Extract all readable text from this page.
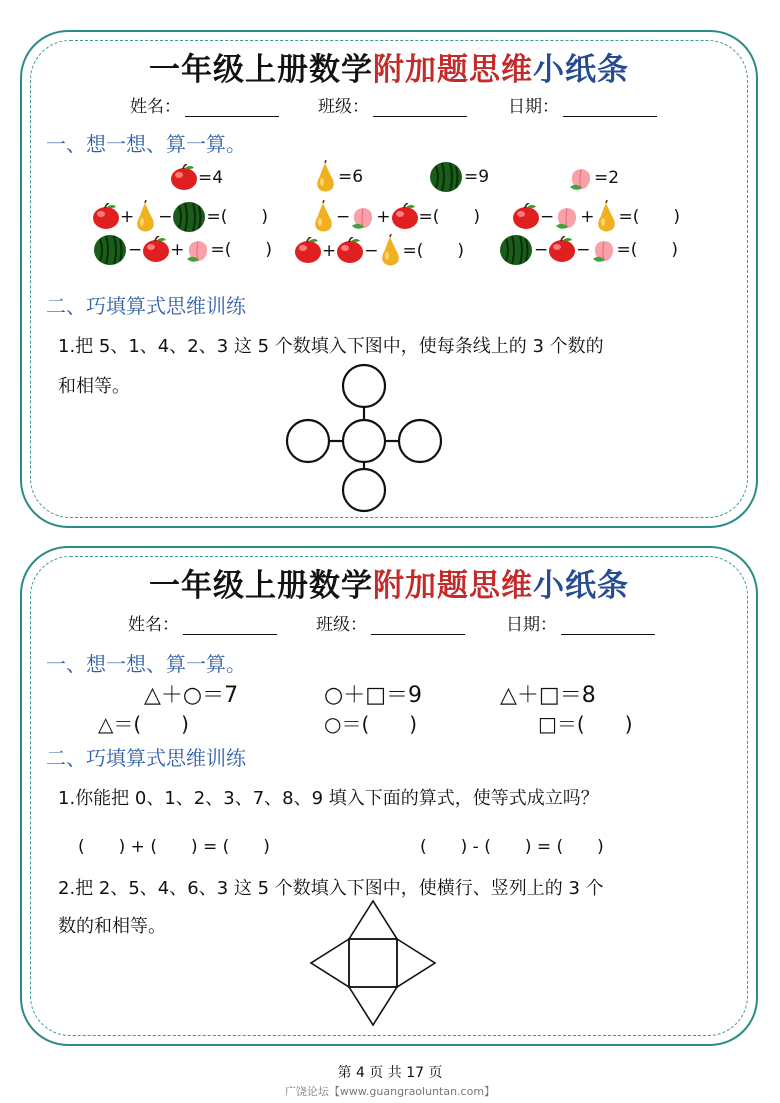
一年级上册数学附加题思维小纸条
姓名：	班级：	日期：
一、想一想、算一算。
=4	=6	=9	=2
+ − =(　　)	− + =(　　)	− + =(　　)
− + =(　　)	+ − =(　　)	− − =(　　)
二、巧填算式思维训练
1.把 5、1、4、2、3 这 5 个数填入下图中，使每条线上的 3 个数的
和相等。
一年级上册数学附加题思维小纸条
姓名：	班级：	日期：
一、想一想、算一算。
△＋○＝7	○＋□＝9	△＋□＝8
△＝(　　)	○＝(　　)	□＝(　　)
二、巧填算式思维训练
1.你能把 0、1、2、3、7、8、9 填入下面的算式，使等式成立吗？
(　　) + (　　) = (　　)	(　　) - (　　) = (　　)
2.把 2、5、4、6、3 这 5 个数填入下图中，使横行、竖列上的 3 个
数的和相等。
第 4 页 共 17 页
广饶论坛【www.guangraoluntan.com】
